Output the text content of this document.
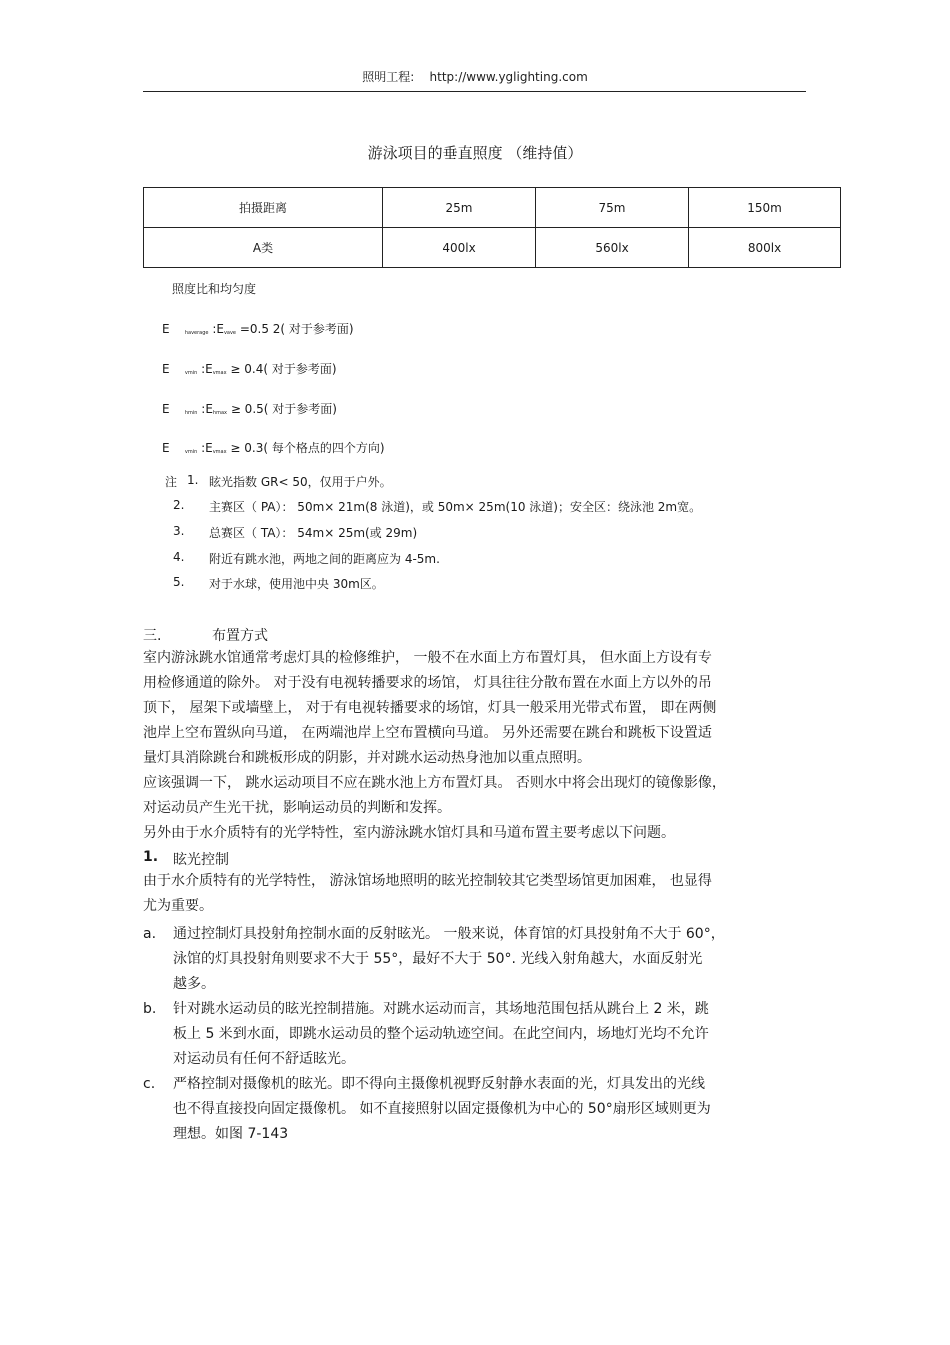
照明工程: http://www.yglighting.com
游泳项目的垂直照度 （维持值）
拍摄距离	25m	75m	150m
A类	400lx	560lx	800lx
照度比和均匀度
E	$_{haverage}$ $:E_{vave} =0.5$ 2( 对于参考面)
E	$_{vmin}$ $:E_{vmax} \ge 0.4$( 对于参考面)
E	$_{hmin}$ $:E_{hmax} \ge 0.5$( 对于参考面)
E	$_{vmin}$ $:E_{vmax} \ge 0.3$( 每个格点的四个方向)
注 1. 眩光指数 GR< 50，仅用于户外。
2. 主赛区（ PA）： 50m× 21m(8 泳道)，或 50m× 25m(10 泳道)；安全区：绕泳池 2m宽。
3. 总赛区（ TA）： 54m× 25m(或 29m)
4. 附近有跳水池，两地之间的距离应为 4-5m.
5. 对于水球，使用池中央 30m区。
三.	布置方式
室内游泳跳水馆通常考虑灯具的检修维护， 一般不在水面上方布置灯具， 但水面上方设有专
用检修通道的除外。 对于没有电视转播要求的场馆， 灯具往往分散布置在水面上方以外的吊
顶下， 屋架下或墙壁上， 对于有电视转播要求的场馆，灯具一般采用光带式布置， 即在两侧
池岸上空布置纵向马道， 在两端池岸上空布置横向马道。 另外还需要在跳台和跳板下设置适
量灯具消除跳台和跳板形成的阴影，并对跳水运动热身池加以重点照明。
应该强调一下， 跳水运动项目不应在跳水池上方布置灯具。 否则水中将会出现灯的镜像影像，
对运动员产生光干扰，影响运动员的判断和发挥。
另外由于水介质特有的光学特性，室内游泳跳水馆灯具和马道布置主要考虑以下问题。
1. 眩光控制
由于水介质特有的光学特性， 游泳馆场地照明的眩光控制较其它类型场馆更加困难， 也显得
尤为重要。
a. 通过控制灯具投射角控制水面的反射眩光。 一般来说，体育馆的灯具投射角不大于 60°，
泳馆的灯具投射角则要求不大于 55°，最好不大于 50°. 光线入射角越大，水面反射光
越多。
b. 针对跳水运动员的眩光控制措施。对跳水运动而言，其场地范围包括从跳台上 2 米，跳
板上 5 米到水面，即跳水运动员的整个运动轨迹空间。在此空间内，场地灯光均不允许
对运动员有任何不舒适眩光。
c. 严格控制对摄像机的眩光。即不得向主摄像机视野反射静水表面的光，灯具发出的光线
也不得直接投向固定摄像机。 如不直接照射以固定摄像机为中心的 50°扇形区域则更为
理想。如图 7-143
